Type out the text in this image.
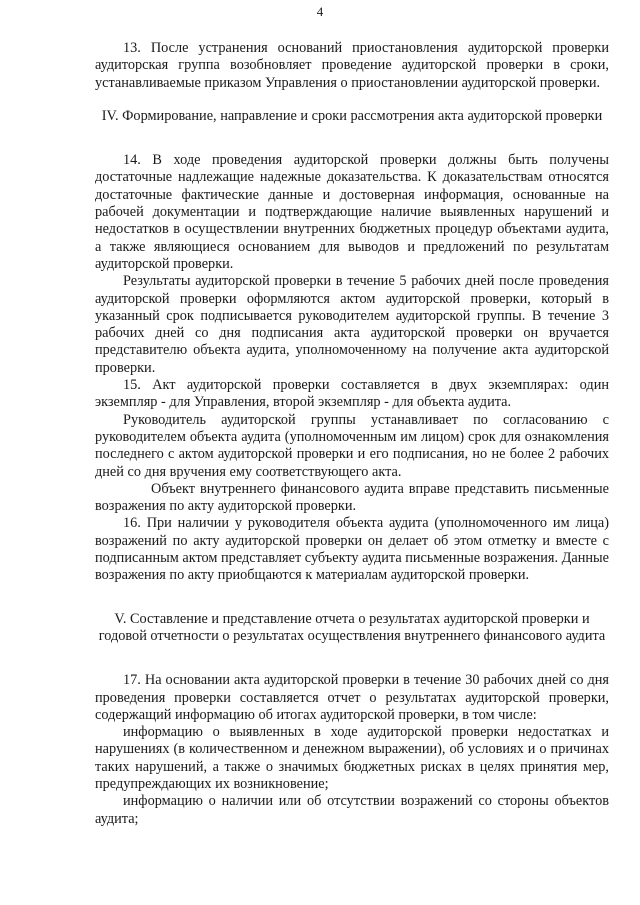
4

13. После устранения оснований приостановления аудиторской проверки аудиторская группа возобновляет проведение аудиторской проверки в сроки, устанавливаемые приказом Управления о приостановлении аудиторской проверки.

IV. Формирование, направление и сроки рассмотрения акта аудиторской проверки

14. В ходе проведения аудиторской проверки должны быть получены достаточные надлежащие надежные доказательства. К доказательствам относятся достаточные фактические данные и достоверная информация, основанные на рабочей документации и подтверждающие наличие выявленных нарушений и недостатков в осуществлении внутренних бюджетных процедур объектами аудита, а также являющиеся основанием для выводов и предложений по результатам аудиторской проверки.

Результаты аудиторской проверки в течение 5 рабочих дней после проведения аудиторской проверки оформляются актом аудиторской проверки, который в указанный срок подписывается руководителем аудиторской группы. В течение 3 рабочих дней со дня подписания акта аудиторской проверки он вручается представителю объекта аудита, уполномоченному на получение акта аудиторской проверки.

15. Акт аудиторской проверки составляется в двух экземплярах: один экземпляр - для Управления, второй экземпляр - для объекта аудита.

Руководитель аудиторской группы устанавливает по согласованию с руководителем объекта аудита (уполномоченным им лицом) срок для ознакомления последнего с актом аудиторской проверки и его подписания, но не более 2 рабочих дней со дня вручения ему соответствующего акта.

Объект внутреннего финансового аудита вправе представить письменные возражения по акту аудиторской проверки.

16. При наличии у руководителя объекта аудита (уполномоченного им лица) возражений по акту аудиторской проверки он делает об этом отметку и вместе с подписанным актом представляет субъекту аудита письменные возражения. Данные возражения по акту приобщаются к материалам аудиторской проверки.

V. Составление и представление отчета о результатах аудиторской проверки и годовой отчетности о результатах осуществления внутреннего финансового аудита

17. На основании акта аудиторской проверки в течение 30 рабочих дней со дня проведения проверки составляется отчет о результатах аудиторской проверки, содержащий информацию об итогах аудиторской проверки, в том числе:

информацию о выявленных в ходе аудиторской проверки недостатках и нарушениях (в количественном и денежном выражении), об условиях и о причинах таких нарушений, а также о значимых бюджетных рисках в целях принятия мер, предупреждающих их возникновение;

информацию о наличии или об отсутствии возражений со стороны объектов аудита;
